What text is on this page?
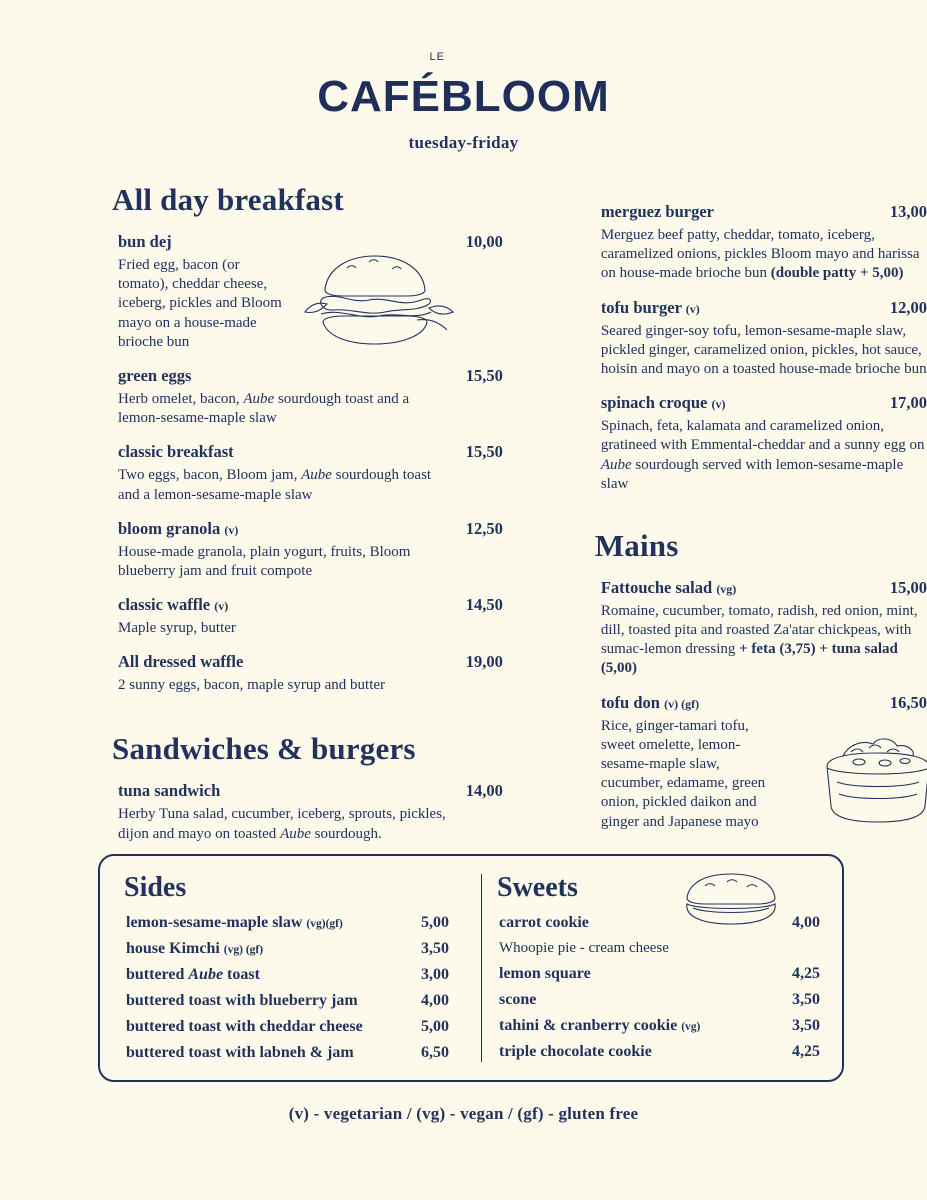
LE
CAFÉBLOOM
tuesday-friday
All day breakfast
bun dej	10,00
Fried egg, bacon (or tomato), cheddar cheese, iceberg, pickles and Bloom mayo on a house-made brioche bun
green eggs	15,50
Herb omelet, bacon, Aube sourdough toast and a lemon-sesame-maple slaw
classic breakfast	15,50
Two eggs, bacon, Bloom jam, Aube sourdough toast and a lemon-sesame-maple slaw
bloom granola (v)	12,50
House-made granola, plain yogurt, fruits, Bloom blueberry jam and fruit compote
classic waffle (v)	14,50
Maple syrup, butter
All dressed waffle	19,00
2 sunny eggs, bacon, maple syrup and butter
Sandwiches & burgers
tuna sandwich	14,00
Herby Tuna salad, cucumber, iceberg, sprouts, pickles, dijon and mayo on toasted Aube sourdough.
merguez burger	13,00
Merguez beef patty, cheddar, tomato, iceberg, caramelized onions, pickles Bloom mayo and harissa on house-made brioche bun (double patty + 5,00)
tofu burger (v)	12,00
Seared ginger-soy tofu, lemon-sesame-maple slaw, pickled ginger, caramelized onion, pickles, hot sauce, hoisin and mayo on a toasted house-made brioche bun
spinach croque (v)	17,00
Spinach, feta, kalamata and caramelized onion, gratineed with Emmental-cheddar and a sunny egg on Aube sourdough served with lemon-sesame-maple slaw
Mains
Fattouche salad (vg)	15,00
Romaine, cucumber, tomato, radish, red onion, mint, dill, toasted pita and roasted Za'atar chickpeas, with sumac-lemon dressing + feta (3,75) + tuna salad (5,00)
tofu don (v) (gf)	16,50
Rice, ginger-tamari tofu, sweet omelette, lemon-sesame-maple slaw, cucumber, edamame, green onion, pickled daikon and ginger and Japanese mayo
Sides
lemon-sesame-maple slaw (vg)(gf)	5,00
house Kimchi (vg) (gf)	3,50
buttered Aube toast	3,00
buttered toast with blueberry jam	4,00
buttered toast with cheddar cheese	5,00
buttered toast with labneh & jam	6,50
Sweets
carrot cookie	4,00
Whoopie pie - cream cheese
lemon square	4,25
scone	3,50
tahini & cranberry cookie (vg)	3,50
triple chocolate cookie	4,25
(v) - vegetarian / (vg) - vegan / (gf) - gluten free
